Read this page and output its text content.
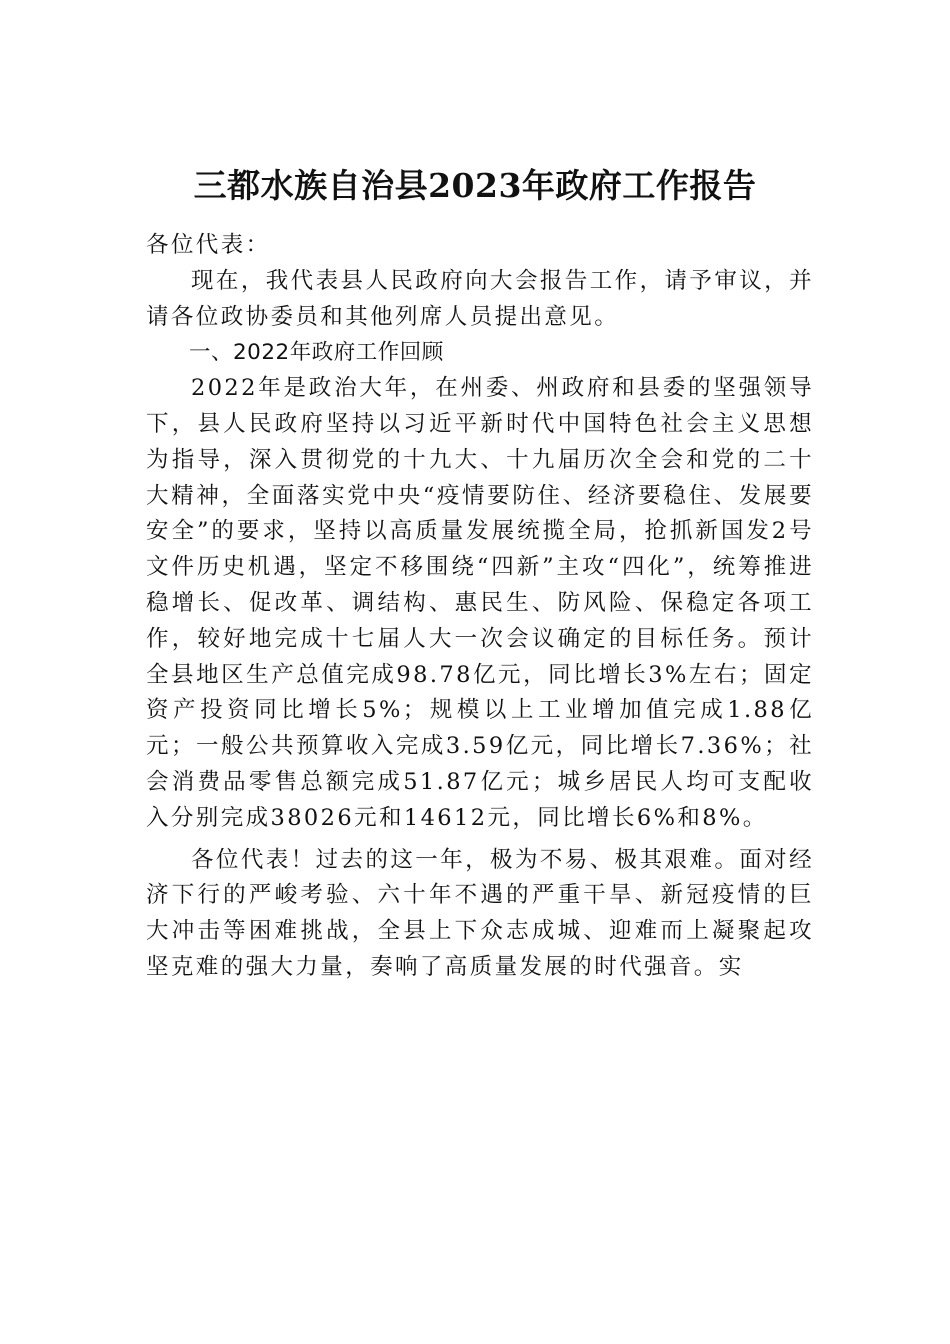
三都水族自治县2023年政府工作报告

各位代表：

现在，我代表县人民政府向大会报告工作，请予审议，并请各位政协委员和其他列席人员提出意见。

一、2022年政府工作回顾

2022年是政治大年，在州委、州政府和县委的坚强领导下，县人民政府坚持以习近平新时代中国特色社会主义思想为指导，深入贯彻党的十九大、十九届历次全会和党的二十大精神，全面落实党中央“疫情要防住、经济要稳住、发展要安全”的要求，坚持以高质量发展统揽全局，抢抓新国发2号文件历史机遇，坚定不移围绕“四新”主攻“四化”，统筹推进稳增长、促改革、调结构、惠民生、防风险、保稳定各项工作，较好地完成十七届人大一次会议确定的目标任务。预计全县地区生产总值完成98.78亿元，同比增长3%左右；固定资产投资同比增长5%；规模以上工业增加值完成1.88亿元；一般公共预算收入完成3.59亿元，同比增长7.36%；社会消费品零售总额完成51.87亿元；城乡居民人均可支配收入分别完成38026元和14612元，同比增长6%和8%。

各位代表！过去的这一年，极为不易、极其艰难。面对经济下行的严峻考验、六十年不遇的严重干旱、新冠疫情的巨大冲击等困难挑战，全县上下众志成城、迎难而上凝聚起攻坚克难的强大力量，奏响了高质量发展的时代强音。实
